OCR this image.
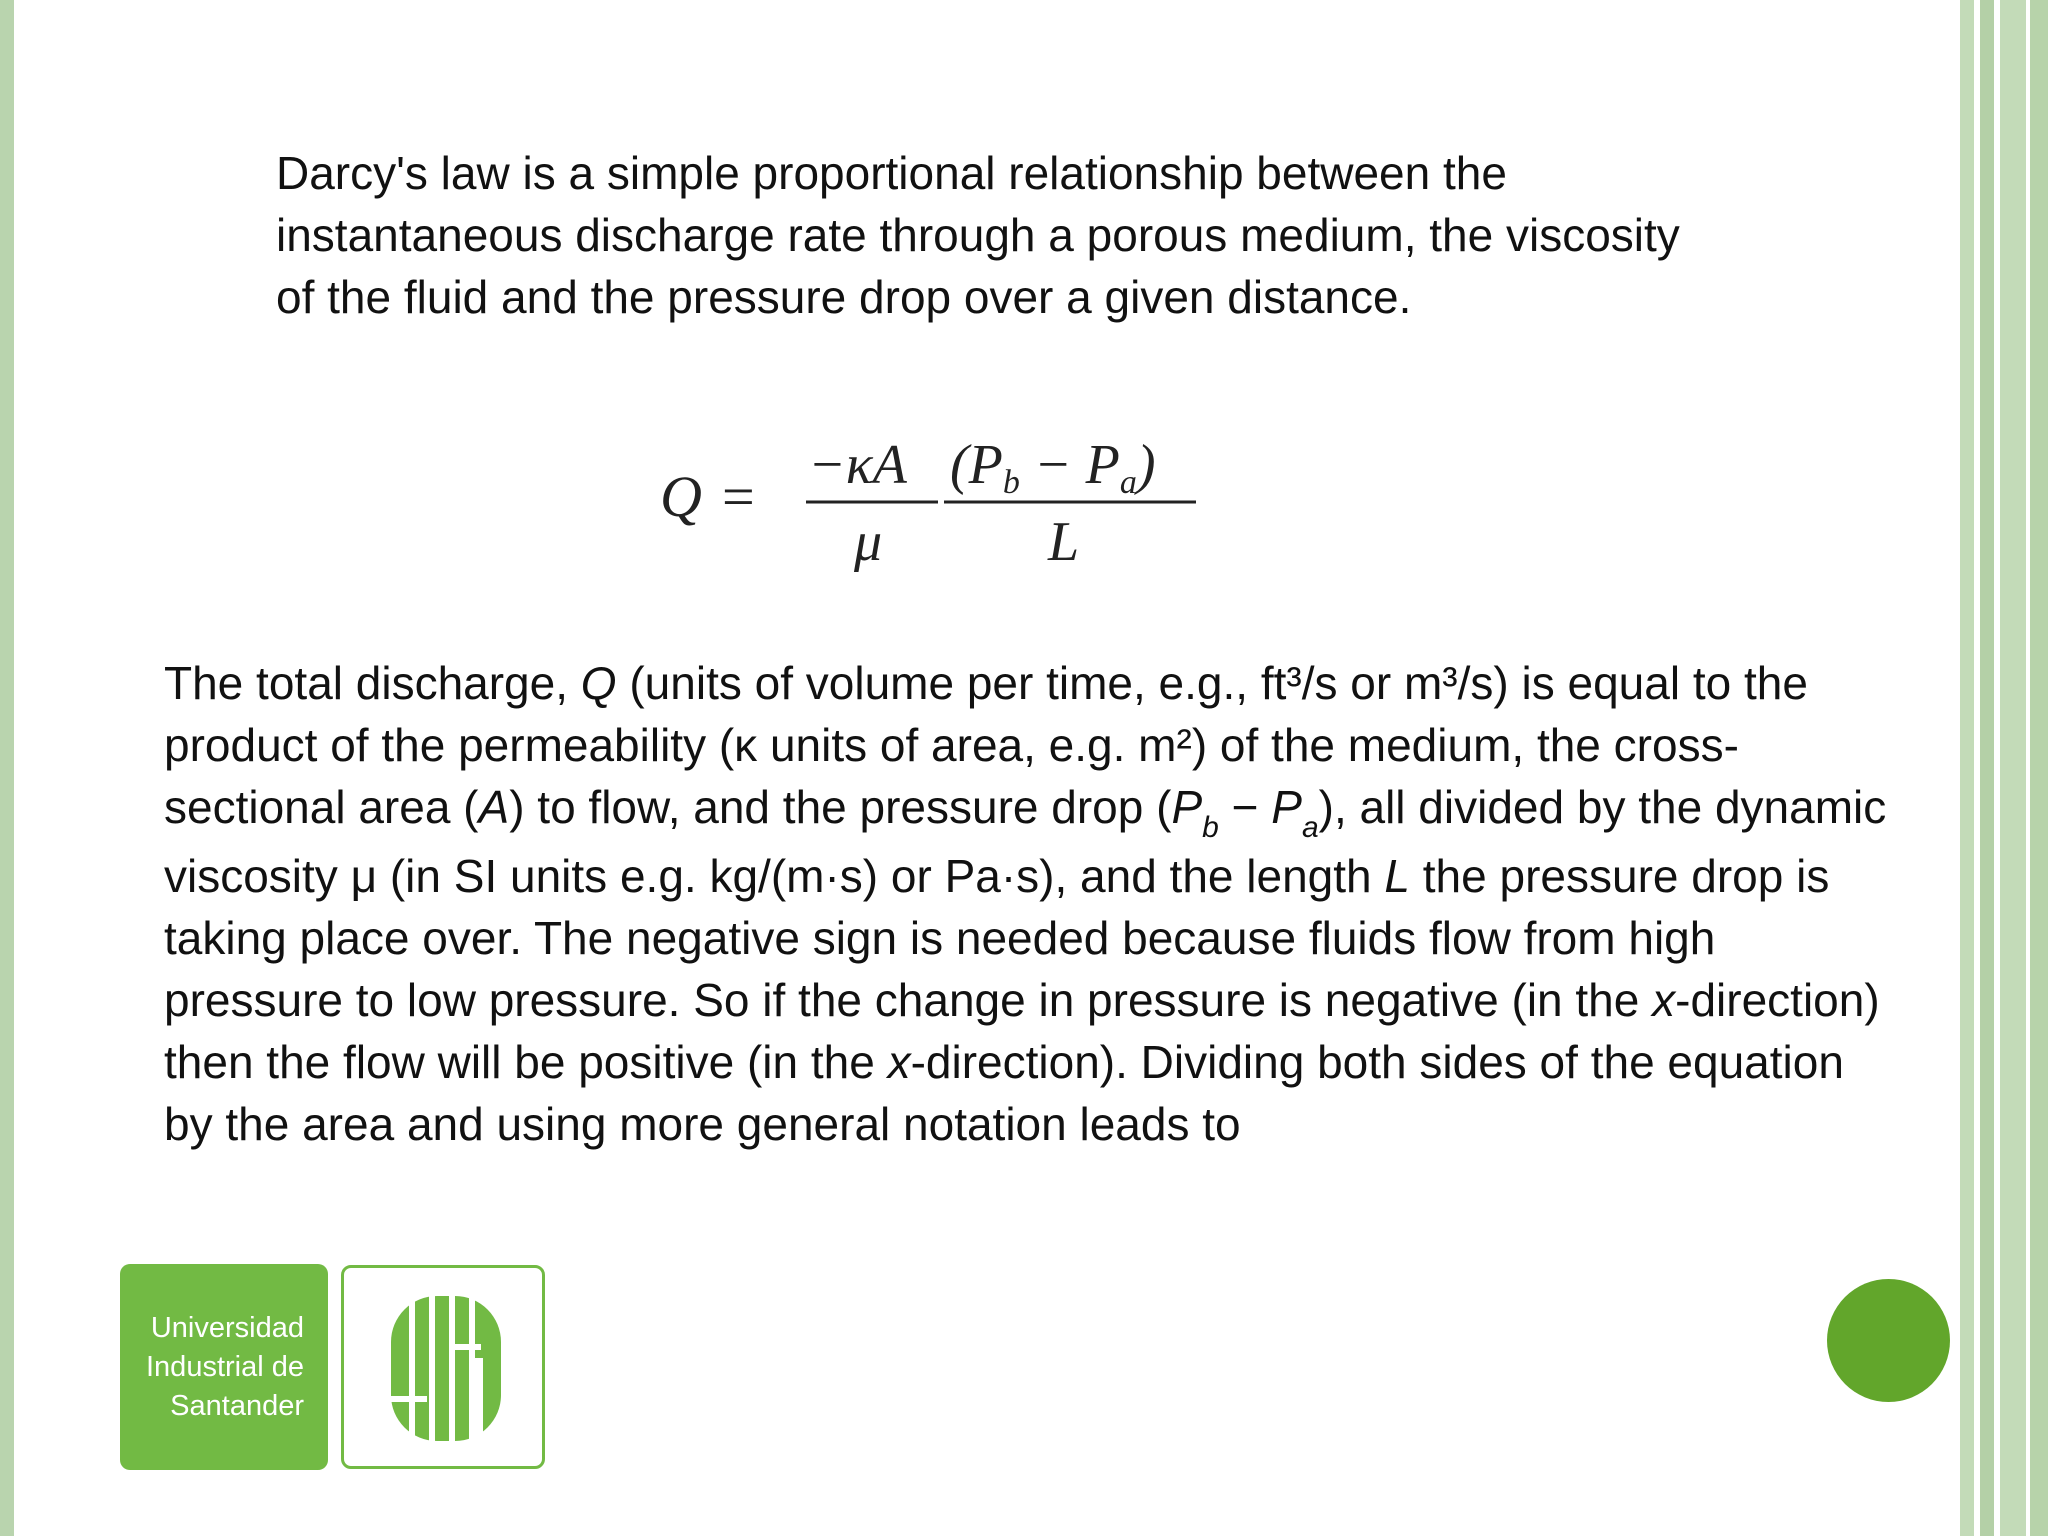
Darcy's law is a simple proportional relationship between the instantaneous discharge rate through a porous medium, the viscosity of the fluid and the pressure drop over a given distance.

Q = −κA
μ
(Pb − Pa)
L

The total discharge, Q (units of volume per time, e.g., ft³/s or m³/s) is equal to the product of the permeability (κ units of area, e.g. m²) of the medium, the cross-sectional area (A) to flow, and the pressure drop $(P_b - P_a)$, all divided by the dynamic viscosity μ (in SI units e.g. kg/(m·s) or Pa·s), and the length L the pressure drop is taking place over. The negative sign is needed because fluids flow from high pressure to low pressure. So if the change in pressure is negative (in the x-direction) then the flow will be positive (in the x-direction). Dividing both sides of the equation by the area and using more general notation leads to

Universidad
Industrial de
Santander
